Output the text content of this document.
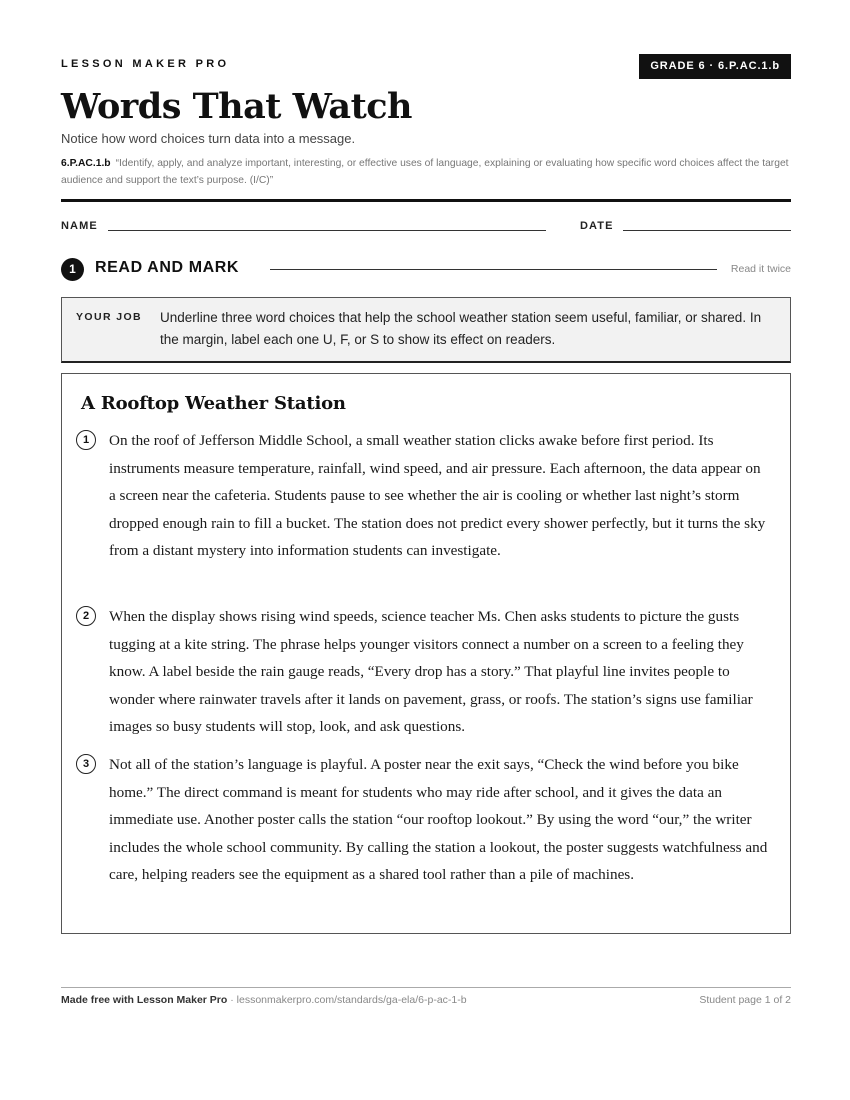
LESSON MAKER PRO	GRADE 6 · 6.P.AC.1.b
Words That Watch
Notice how word choices turn data into a message.
6.P.AC.1.b “Identify, apply, and analyze important, interesting, or effective uses of language, explaining or evaluating how specific word choices affect the target audience and support the text’s purpose. (I/C)”
NAME	DATE
1	READ AND MARK	Read it twice
YOUR JOB Underline three word choices that help the school weather station seem useful, familiar, or shared. In the margin, label each one U, F, or S to show its effect on readers.
A Rooftop Weather Station
1	On the roof of Jefferson Middle School, a small weather station clicks awake before first period. Its instruments measure temperature, rainfall, wind speed, and air pressure. Each afternoon, the data appear on a screen near the cafeteria. Students pause to see whether the air is cooling or whether last night’s storm dropped enough rain to fill a bucket. The station does not predict every shower perfectly, but it turns the sky from a distant mystery into information students can investigate.
2	When the display shows rising wind speeds, science teacher Ms. Chen asks students to picture the gusts tugging at a kite string. The phrase helps younger visitors connect a number on a screen to a feeling they know. A label beside the rain gauge reads, “Every drop has a story.” That playful line invites people to wonder where rainwater travels after it lands on pavement, grass, or roofs. The station’s signs use familiar images so busy students will stop, look, and ask questions.
3	Not all of the station’s language is playful. A poster near the exit says, “Check the wind before you bike home.” The direct command is meant for students who may ride after school, and it gives the data an immediate use. Another poster calls the station “our rooftop lookout.” By using the word “our,” the writer includes the whole school community. By calling the station a lookout, the poster suggests watchfulness and care, helping readers see the equipment as a shared tool rather than a pile of machines.
Made free with Lesson Maker Pro · lessonmakerpro.com/standards/ga-ela/6-p-ac-1-b	Student page 1 of 2
